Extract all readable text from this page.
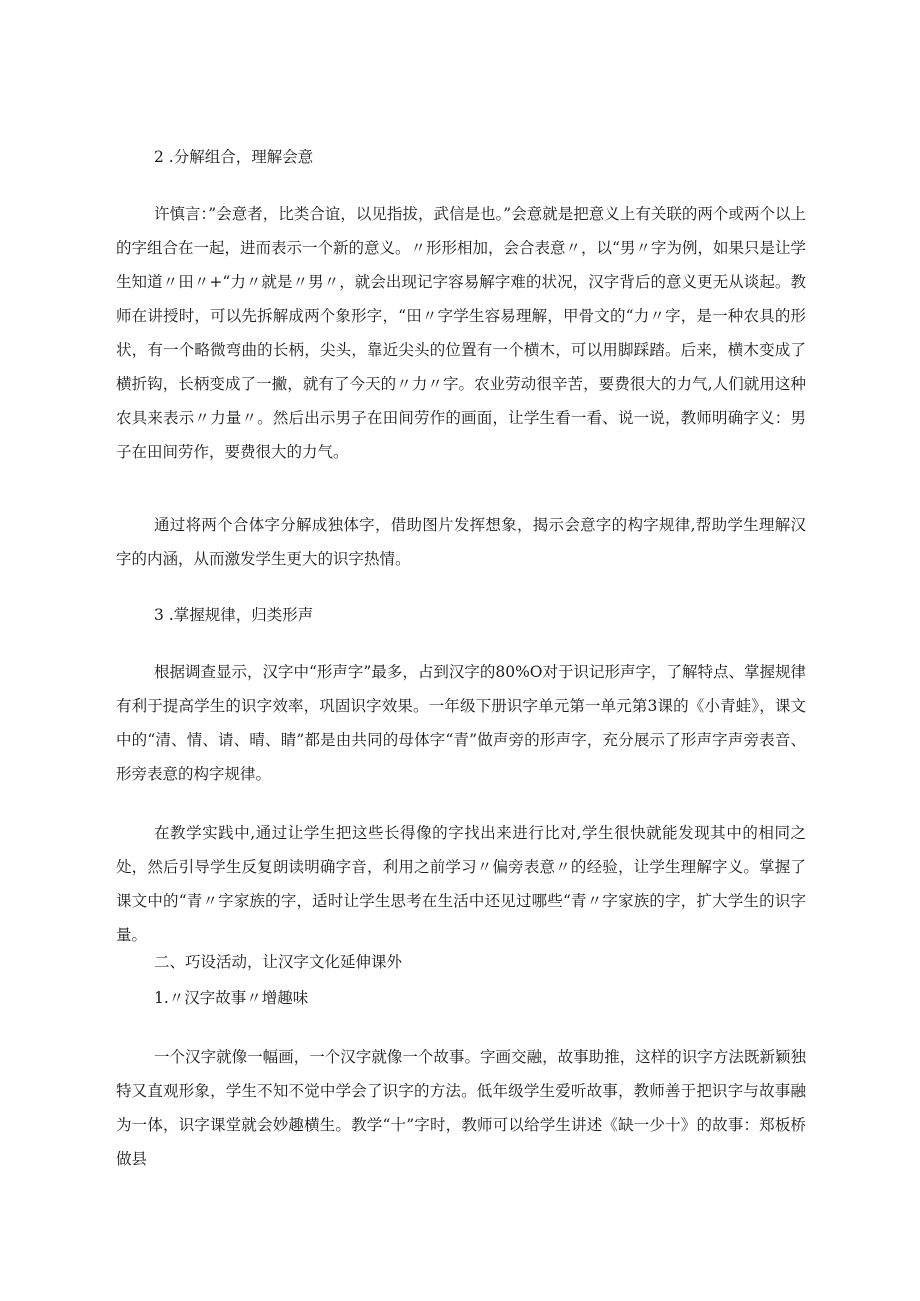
2 .分解组合，理解会意

许慎言：”会意者，比类合谊，以见指拔，武信是也。”会意就是把意义上有关联的两个或两个以上的字组合在一起，进而表示一个新的意义。〃形形相加，会合表意〃，以“男〃字为例，如果只是让学生知道〃田〃+“力〃就是〃男〃，就会出现记字容易解字难的状况，汉字背后的意义更无从谈起。教师在讲授时，可以先拆解成两个象形字，“田〃字学生容易理解，甲骨文的“力〃字，是一种农具的形状，有一个略微弯曲的长柄，尖头，靠近尖头的位置有一个横木，可以用脚踩踏。后来，横木变成了横折钩，长柄变成了一撇，就有了今天的〃力〃字。农业劳动很辛苦，要费很大的力气,人们就用这种农具来表示〃力量〃。然后出示男子在田间劳作的画面，让学生看一看、说一说，教师明确字义：男子在田间劳作，要费很大的力气。

通过将两个合体字分解成独体字，借助图片发挥想象，揭示会意字的构字规律,帮助学生理解汉字的内涵，从而激发学生更大的识字热情。

3 .掌握规律，归类形声

根据调查显示，汉字中“形声字”最多，占到汉字的80%O对于识记形声字，了解特点、掌握规律有利于提高学生的识字效率，巩固识字效果。一年级下册识字单元第一单元第3课的《小青蛙》，课文中的“清、情、请、晴、睛”都是由共同的母体字“青”做声旁的形声字，充分展示了形声字声旁表音、形旁表意的构字规律。

在教学实践中,通过让学生把这些长得像的字找出来进行比对,学生很快就能发现其中的相同之处，然后引导学生反复朗读明确字音，利用之前学习〃偏旁表意〃的经验，让学生理解字义。掌握了课文中的“青〃字家族的字，适时让学生思考在生活中还见过哪些“青〃字家族的字，扩大学生的识字量。

二、巧设活动，让汉字文化延伸课外

1.〃汉字故事〃增趣味

一个汉字就像一幅画，一个汉字就像一个故事。字画交融，故事助推，这样的识字方法既新颖独特又直观形象，学生不知不觉中学会了识字的方法。低年级学生爱听故事，教师善于把识字与故事融为一体，识字课堂就会妙趣横生。教学“十”字时，教师可以给学生讲述《缺一少十》的故事：郑板桥做县
